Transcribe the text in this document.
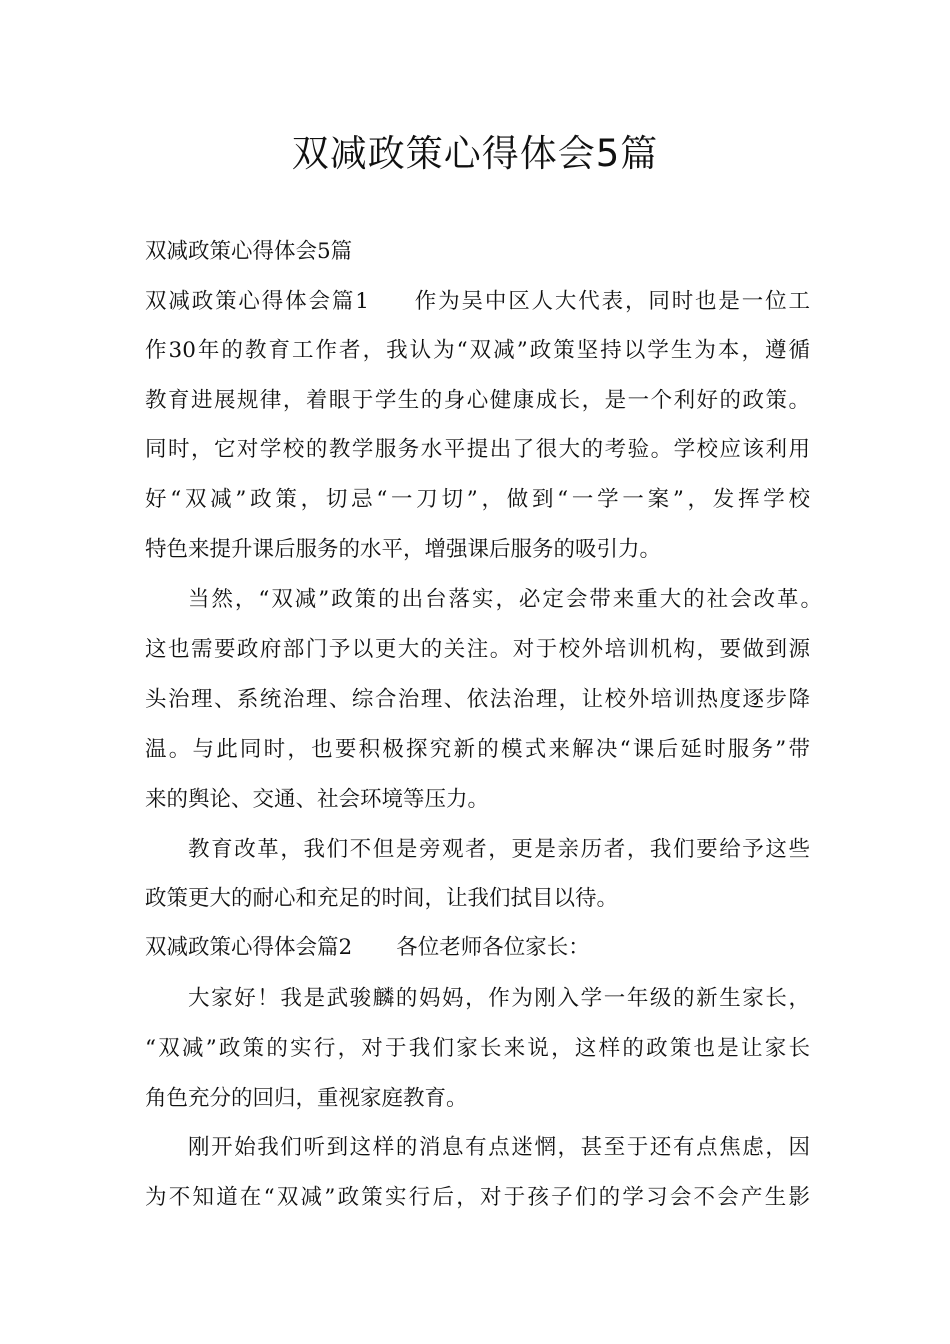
双减政策心得体会5篇
双减政策心得体会5篇
双减政策心得体会篇1 作为吴中区人大代表，同时也是一位工
作30年的教育工作者，我认为“双减”政策坚持以学生为本，遵循
教育进展规律，着眼于学生的身心健康成长，是一个利好的政策。
同时，它对学校的教学服务水平提出了很大的考验。学校应该利用
好“双减”政策，切忌“一刀切”，做到“一学一案”，发挥学校
特色来提升课后服务的水平，增强课后服务的吸引力。
当然，“双减”政策的出台落实，必定会带来重大的社会改革。
这也需要政府部门予以更大的关注。对于校外培训机构，要做到源
头治理、系统治理、综合治理、依法治理，让校外培训热度逐步降
温。与此同时，也要积极探究新的模式来解决“课后延时服务”带
来的舆论、交通、社会环境等压力。
教育改革，我们不但是旁观者，更是亲历者，我们要给予这些
政策更大的耐心和充足的时间，让我们拭目以待。
双减政策心得体会篇2 各位老师各位家长：
大家好！我是武骏麟的妈妈，作为刚入学一年级的新生家长，
“双减”政策的实行，对于我们家长来说，这样的政策也是让家长
角色充分的回归，重视家庭教育。
刚开始我们听到这样的消息有点迷惘，甚至于还有点焦虑，因
为不知道在“双减”政策实行后，对于孩子们的学习会不会产生影
